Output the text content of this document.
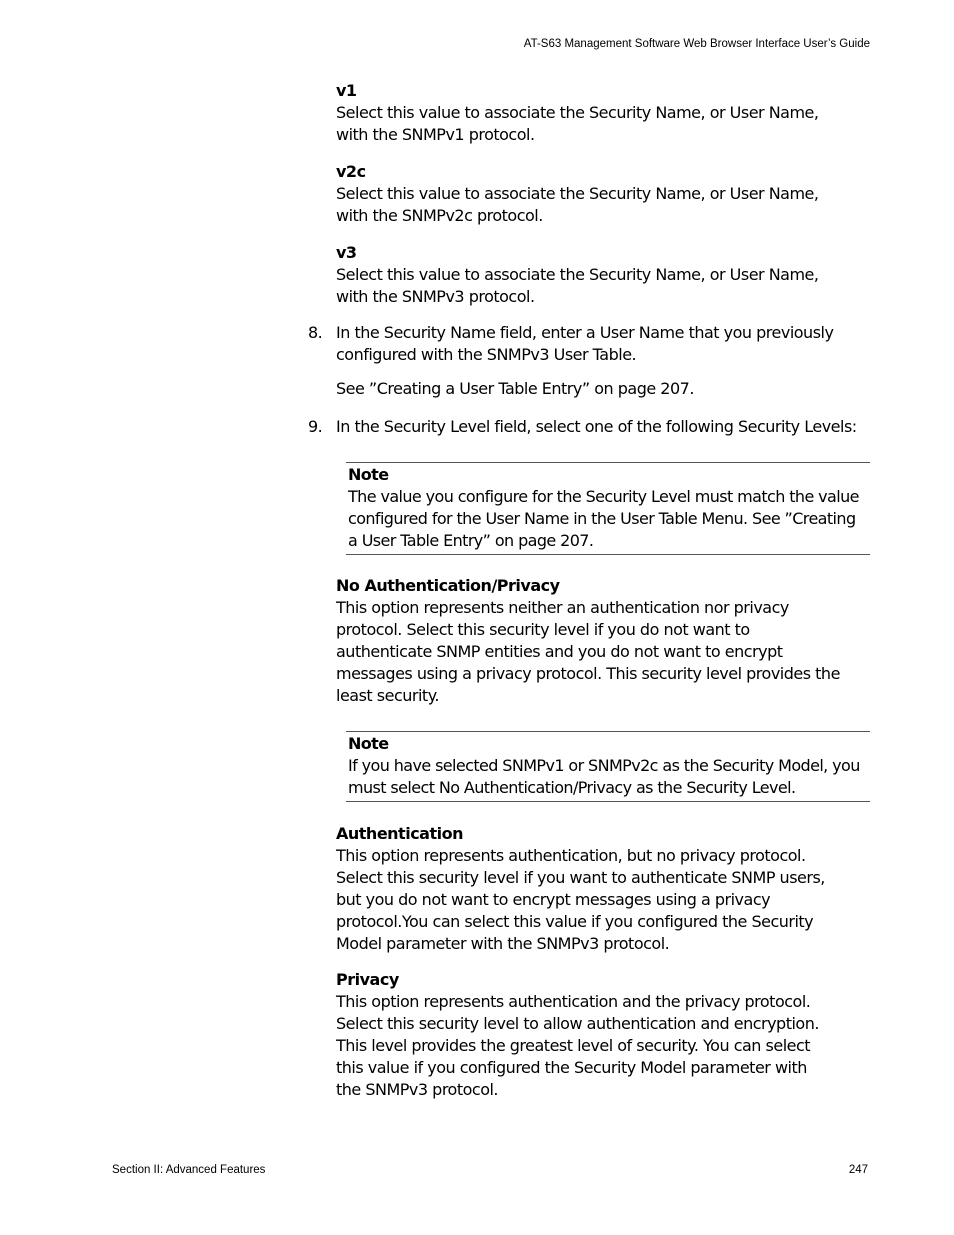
AT-S63 Management Software Web Browser Interface User’s Guide
v1
Select this value to associate the Security Name, or User Name,
with the SNMPv1 protocol.
v2c
Select this value to associate the Security Name, or User Name,
with the SNMPv2c protocol.
v3
Select this value to associate the Security Name, or User Name,
with the SNMPv3 protocol.
8. In the Security Name field, enter a User Name that you previously
configured with the SNMPv3 User Table.
See ”Creating a User Table Entry” on page 207.
9. In the Security Level field, select one of the following Security Levels:
Note
The value you configure for the Security Level must match the value
configured for the User Name in the User Table Menu. See ”Creating
a User Table Entry” on page 207.
No Authentication/Privacy
This option represents neither an authentication nor privacy
protocol. Select this security level if you do not want to
authenticate SNMP entities and you do not want to encrypt
messages using a privacy protocol. This security level provides the
least security.
Note
If you have selected SNMPv1 or SNMPv2c as the Security Model, you
must select No Authentication/Privacy as the Security Level.
Authentication
This option represents authentication, but no privacy protocol.
Select this security level if you want to authenticate SNMP users,
but you do not want to encrypt messages using a privacy
protocol.You can select this value if you configured the Security
Model parameter with the SNMPv3 protocol.
Privacy
This option represents authentication and the privacy protocol.
Select this security level to allow authentication and encryption.
This level provides the greatest level of security. You can select
this value if you configured the Security Model parameter with
the SNMPv3 protocol.
Section II: Advanced Features	247
